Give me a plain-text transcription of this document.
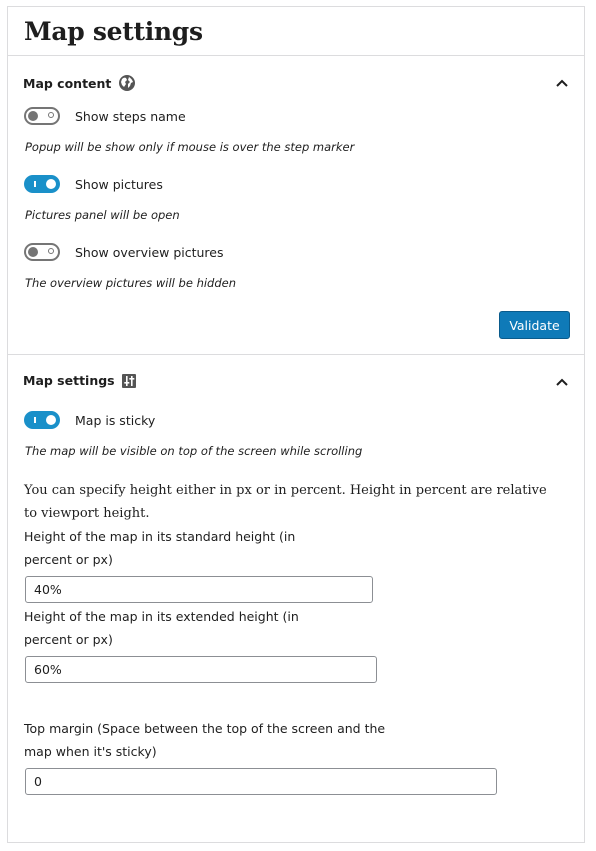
Map settings
Map content
Show steps name
Popup will be show only if mouse is over the step marker
Show pictures
Pictures panel will be open
Show overview pictures
The overview pictures will be hidden
Validate
Map settings
Map is sticky
The map will be visible on top of the screen while scrolling

You can specify height either in px or in percent. Height in percent are relative to viewport height.

Height of the map in its standard height (in
percent or px)
40%
Height of the map in its extended height (in
percent or px)
60%
Top margin (Space between the top of the screen and the
map when it's sticky)
0
